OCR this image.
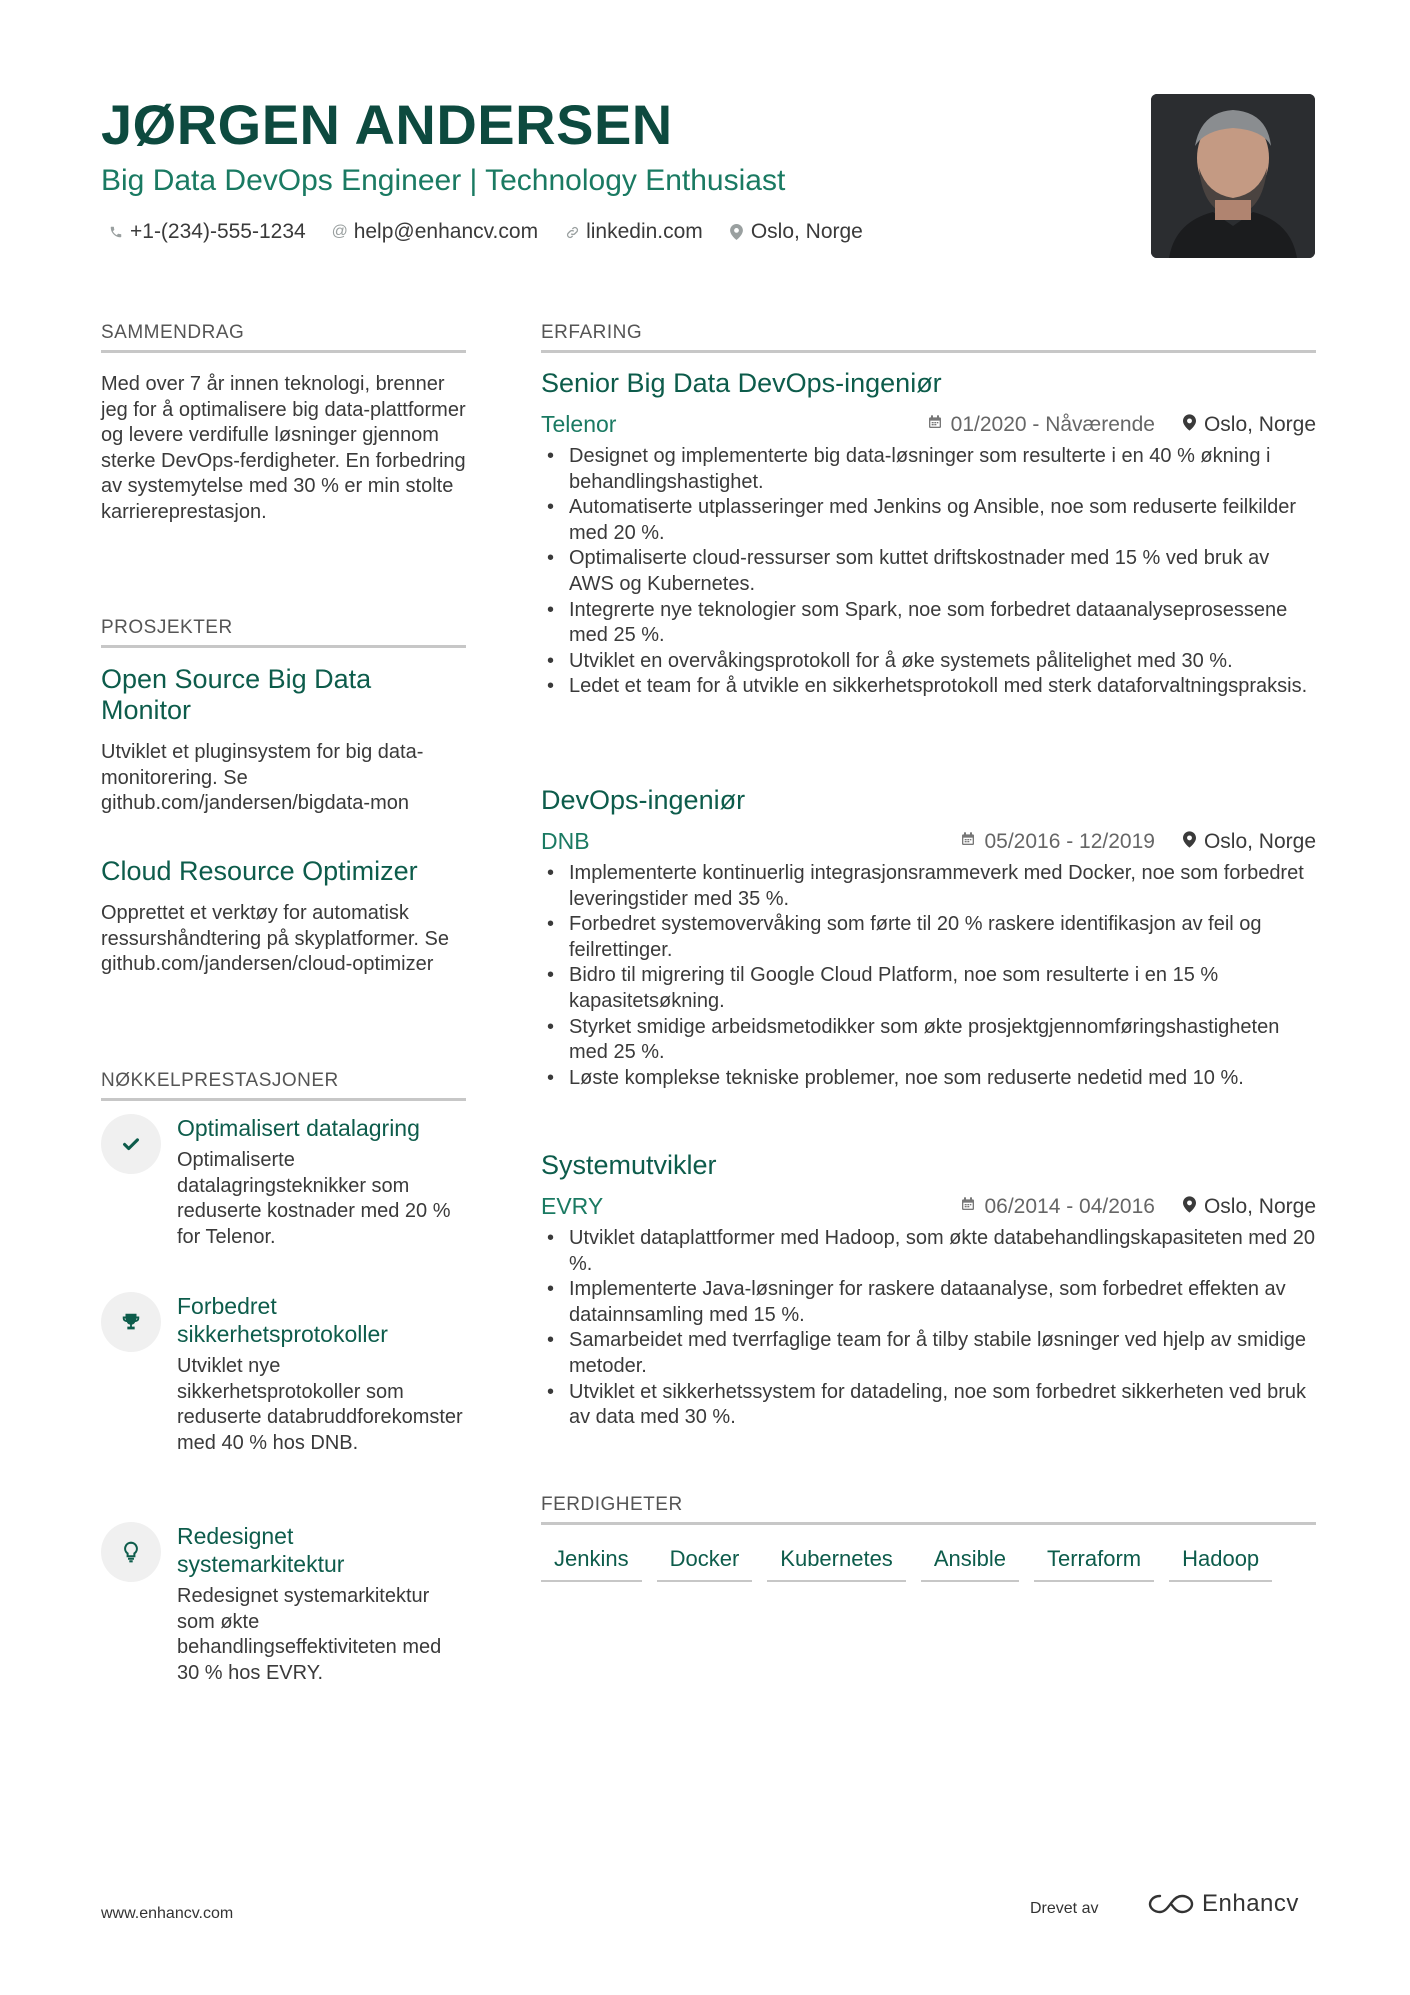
JØRGEN ANDERSEN
Big Data DevOps Engineer | Technology Enthusiast
+1-(234)-555-1234 @ help@enhancv.com linkedin.com Oslo, Norge
SAMMENDRAG
Med over 7 år innen teknologi, brenner jeg for å optimalisere big data-plattformer og levere verdifulle løsninger gjennom sterke DevOps-ferdigheter. En forbedring av systemytelse med 30 % er min stolte karriereprestasjon.
PROSJEKTER
Open Source Big Data Monitor
Utviklet et pluginsystem for big data-monitorering. Se github.com/jandersen/bigdata-mon
Cloud Resource Optimizer
Opprettet et verktøy for automatisk ressurshåndtering på skyplatformer. Se github.com/jandersen/cloud-optimizer
NØKKELPRESTASJONER
Optimalisert datalagring
Optimaliserte datalagringsteknikker som reduserte kostnader med 20 % for Telenor.
Forbedret sikkerhetsprotokoller
Utviklet nye sikkerhetsprotokoller som reduserte databruddforekomster med 40 % hos DNB.
Redesignet systemarkitektur
Redesignet systemarkitektur som økte behandlingseffektiviteten med 30 % hos EVRY.
ERFARING
Senior Big Data DevOps-ingeniør
Telenor	01/2020 - Nåværende Oslo, Norge
• Designet og implementerte big data-løsninger som resulterte i en 40 % økning i behandlingshastighet.
• Automatiserte utplasseringer med Jenkins og Ansible, noe som reduserte feilkilder med 20 %.
• Optimaliserte cloud-ressurser som kuttet driftskostnader med 15 % ved bruk av AWS og Kubernetes.
• Integrerte nye teknologier som Spark, noe som forbedret dataanalyseprosessene med 25 %.
• Utviklet en overvåkingsprotokoll for å øke systemets pålitelighet med 30 %.
• Ledet et team for å utvikle en sikkerhetsprotokoll med sterk dataforvaltningspraksis.
DevOps-ingeniør
DNB	05/2016 - 12/2019 Oslo, Norge
• Implementerte kontinuerlig integrasjonsrammeverk med Docker, noe som forbedret leveringstider med 35 %.
• Forbedret systemovervåking som førte til 20 % raskere identifikasjon av feil og feilrettinger.
• Bidro til migrering til Google Cloud Platform, noe som resulterte i en 15 % kapasitetsøkning.
• Styrket smidige arbeidsmetodikker som økte prosjektgjennomføringshastigheten med 25 %.
• Løste komplekse tekniske problemer, noe som reduserte nedetid med 10 %.
Systemutvikler
EVRY	06/2014 - 04/2016 Oslo, Norge
• Utviklet dataplattformer med Hadoop, som økte databehandlingskapasiteten med 20 %.
• Implementerte Java-løsninger for raskere dataanalyse, som forbedret effekten av datainnsamling med 15 %.
• Samarbeidet med tverrfaglige team for å tilby stabile løsninger ved hjelp av smidige metoder.
• Utviklet et sikkerhetssystem for datadeling, noe som forbedret sikkerheten ved bruk av data med 30 %.
FERDIGHETER
Jenkins	Docker	Kubernetes	Ansible	Terraform	Hadoop
www.enhancv.com	Drevet av	Enhancv
